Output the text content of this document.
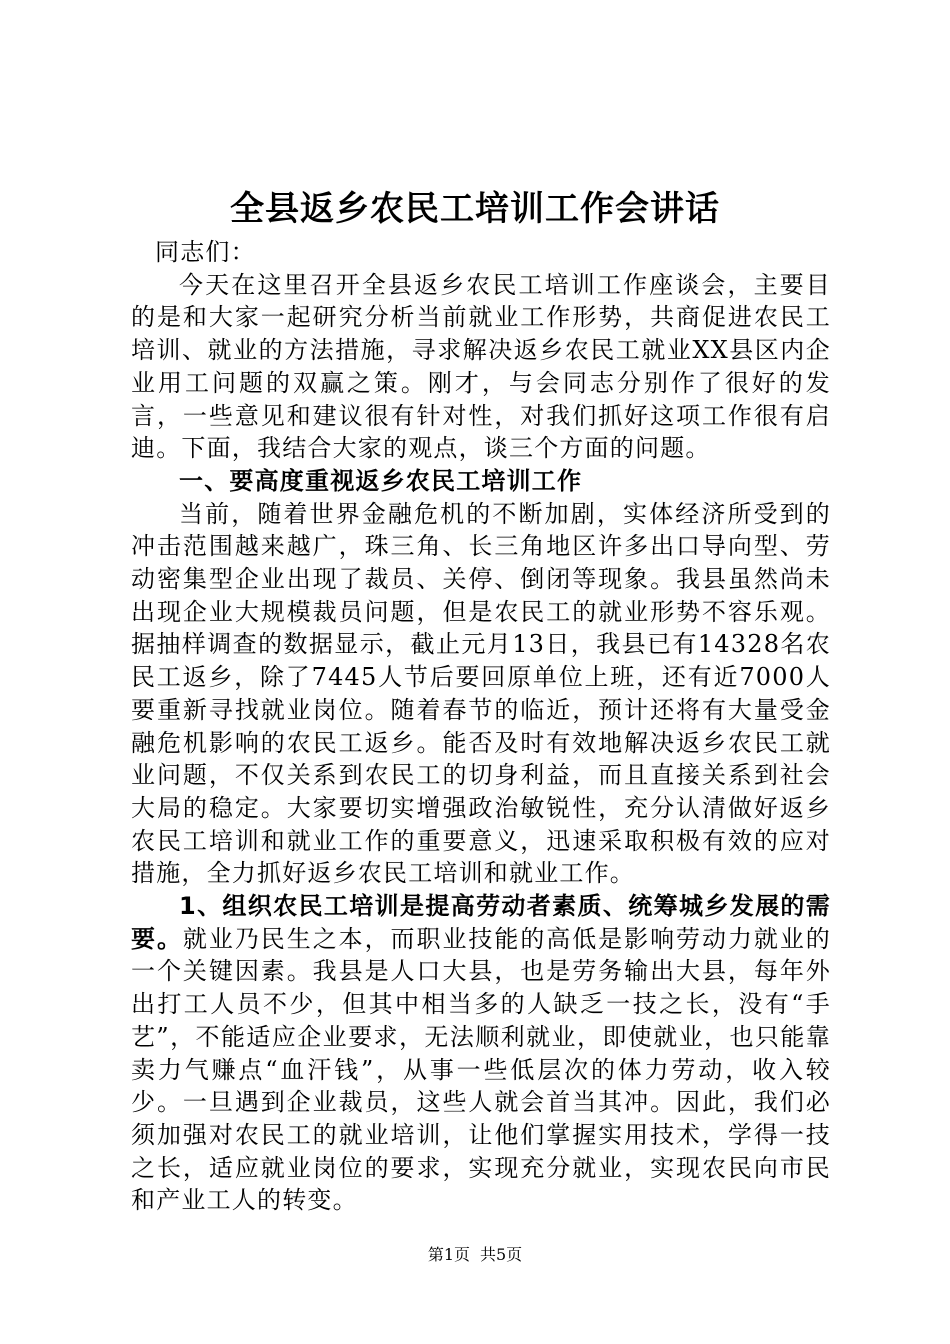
全县返乡农民工培训工作会讲话

同志们：

今天在这里召开全县返乡农民工培训工作座谈会，主要目的是和大家一起研究分析当前就业工作形势，共商促进农民工培训、就业的方法措施，寻求解决返乡农民工就业XX县区内企业用工问题的双赢之策。刚才，与会同志分别作了很好的发言，一些意见和建议很有针对性，对我们抓好这项工作很有启迪。下面，我结合大家的观点，谈三个方面的问题。

一、要高度重视返乡农民工培训工作

当前，随着世界金融危机的不断加剧，实体经济所受到的冲击范围越来越广，珠三角、长三角地区许多出口导向型、劳动密集型企业出现了裁员、关停、倒闭等现象。我县虽然尚未出现企业大规模裁员问题，但是农民工的就业形势不容乐观。据抽样调查的数据显示，截止元月13日，我县已有14328名农民工返乡，除了7445人节后要回原单位上班，还有近7000人要重新寻找就业岗位。随着春节的临近，预计还将有大量受金融危机影响的农民工返乡。能否及时有效地解决返乡农民工就业问题，不仅关系到农民工的切身利益，而且直接关系到社会大局的稳定。大家要切实增强政治敏锐性，充分认清做好返乡农民工培训和就业工作的重要意义，迅速采取积极有效的应对措施，全力抓好返乡农民工培训和就业工作。

1、组织农民工培训是提高劳动者素质、统筹城乡发展的需要。就业乃民生之本，而职业技能的高低是影响劳动力就业的一个关键因素。我县是人口大县，也是劳务输出大县，每年外出打工人员不少，但其中相当多的人缺乏一技之长，没有“手艺”，不能适应企业要求，无法顺利就业，即使就业，也只能靠卖力气赚点“血汗钱”，从事一些低层次的体力劳动，收入较少。一旦遇到企业裁员，这些人就会首当其冲。因此，我们必须加强对农民工的就业培训，让他们掌握实用技术，学得一技之长，适应就业岗位的要求，实现充分就业，实现农民向市民和产业工人的转变。

第1页 共5页
